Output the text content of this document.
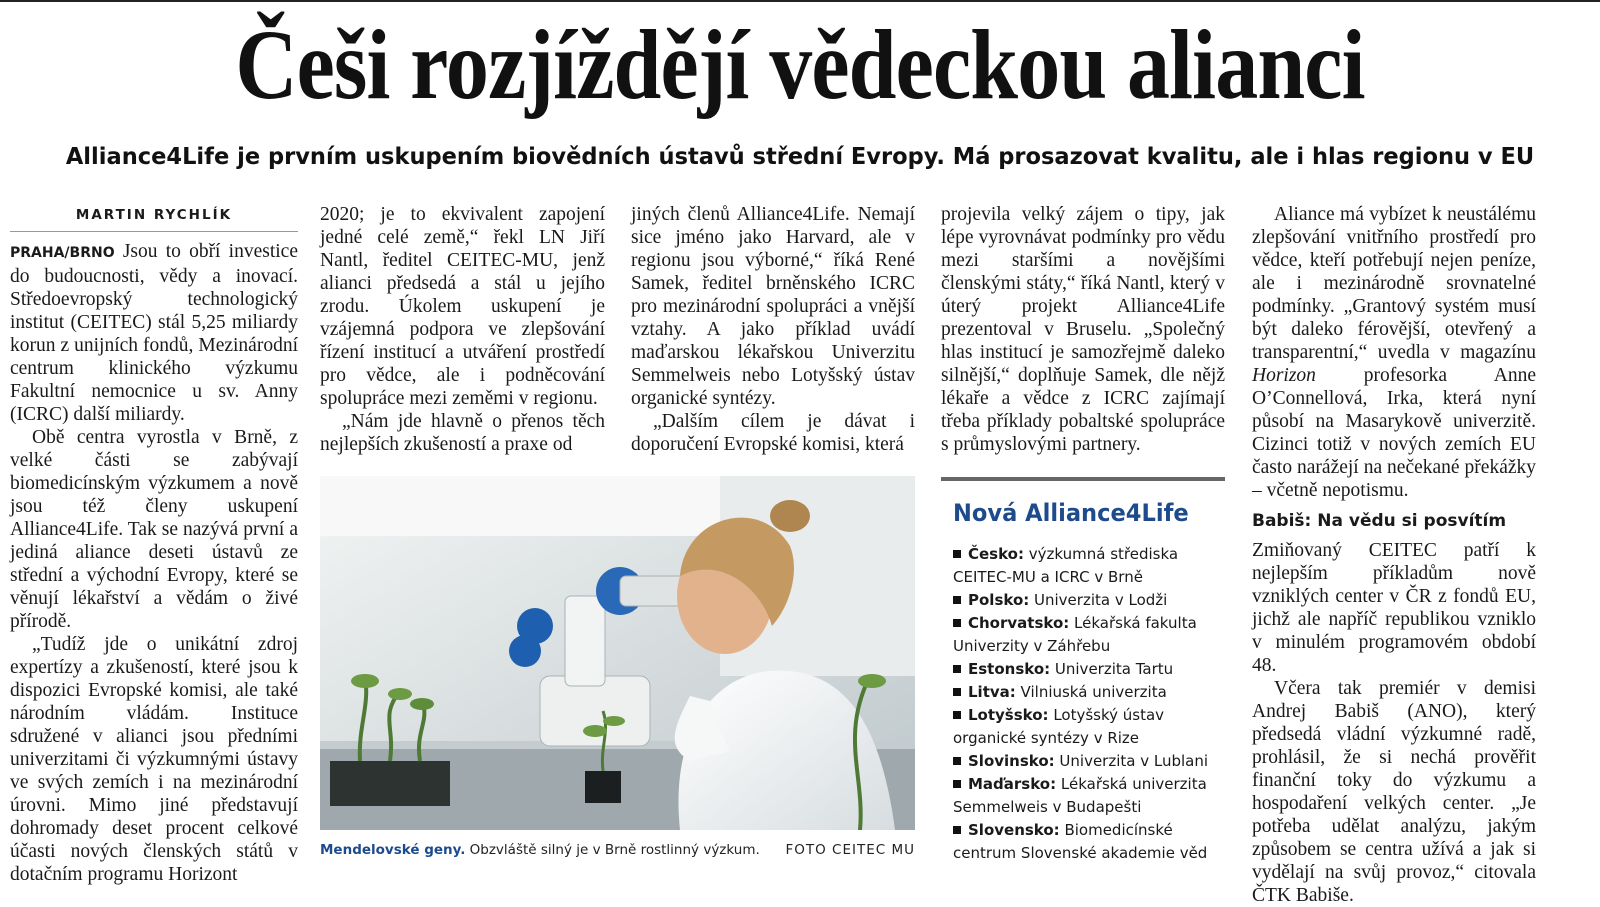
Češi rozjíždějí vědeckou alianci
Alliance4Life je prvním uskupením biovědních ústavů střední Evropy. Má prosazovat kvalitu, ale i hlas regionu v EU
MARTIN RYCHLÍK

PRAHA/BRNO Jsou to obří investice do budoucnosti, vědy a inovací. Středoevropský technologický institut (CEITEC) stál 5,25 miliardy korun z unijních fondů, Mezinárodní centrum klinického výzkumu Fakultní nemocnice u sv. Anny (ICRC) další miliardy.

Obě centra vyrostla v Brně, z velké části se zabývají biomedicínským výzkumem a nově jsou též členy uskupení Alliance4Life. Tak se nazývá první a jediná aliance deseti ústavů ze střední a východní Evropy, které se věnují lékařství a vědám o živé přírodě.

„Tudíž jde o unikátní zdroj expertízy a zkušeností, které jsou k dispozici Evropské komisi, ale také národním vládám. Instituce sdružené v alianci jsou předními univerzitami či výzkumnými ústavy ve svých zemích i na mezinárodní úrovni. Mimo jiné představují dohromady deset procent celkové účasti nových členských států v dotačním programu Horizont

2020; je to ekvivalent zapojení jedné celé země,“ řekl LN Jiří Nantl, ředitel CEITEC-MU, jenž alianci předsedá a stál u jejího zrodu. Úkolem uskupení je vzájemná podpora ve zlepšování řízení institucí a utváření prostředí pro vědce, ale i podněcování spolupráce mezi zeměmi v regionu.

„Nám jde hlavně o přenos těch nejlepších zkušeností a praxe od

jiných členů Alliance4Life. Nemají sice jméno jako Harvard, ale v regionu jsou výborné,“ říká René Samek, ředitel brněnského ICRC pro mezinárodní spolupráci a vnější vztahy. A jako příklad uvádí maďarskou lékařskou Univerzitu Semmelweis nebo Lotyšský ústav organické syntézy.

„Dalším cílem je dávat i doporučení Evropské komisi, která

projevila velký zájem o tipy, jak lépe vyrovnávat podmínky pro vědu mezi staršími a novějšími členskými státy,“ říká Nantl, který v úterý projekt Alliance4Life prezentoval v Bruselu. „Společný hlas institucí je samozřejmě daleko silnější,“ doplňuje Samek, dle nějž lékaře a vědce z ICRC zajímají třeba příklady pobaltské spolupráce s průmyslovými partnery.

Aliance má vybízet k neustálému zlepšování vnitřního prostředí pro vědce, kteří potřebují nejen peníze, ale i mezinárodně srovnatelné podmínky. „Grantový systém musí být daleko férovější, otevřený a transparentní,“ uvedla v magazínu Horizon profesorka Anne O’Connellová, Irka, která nyní působí na Masarykově univerzitě. Cizinci totiž v nových zemích EU často narážejí na nečekané překážky – včetně nepotismu.

Babiš: Na vědu si posvítím

Zmiňovaný CEITEC patří k nejlepším příkladům nově vzniklých center v ČR z fondů EU, jichž ale napříč republikou vzniklo v minulém programovém období 48.

Včera tak premiér v demisi Andrej Babiš (ANO), který předsedá vládní výzkumné radě, prohlásil, že si nechá prověřit finanční toky do výzkumu a hospodaření velkých center. „Je potřeba udělat analýzu, jakým způsobem se centra užívá a jak si vydělají na svůj provoz,“ citovala ČTK Babiše.

Mendelovské geny. Obzvláště silný je v Brně rostlinný výzkum. FOTO CEITEC MU
Nová Alliance4Life
Česko: výzkumná střediska CEITEC-MU a ICRC v Brně
Polsko: Univerzita v Lodži
Chorvatsko: Lékařská fakulta Univerzity v Záhřebu
Estonsko: Univerzita Tartu
Litva: Vilniuská univerzita
Lotyšsko: Lotyšský ústav organické syntézy v Rize
Slovinsko: Univerzita v Lublani
Maďarsko: Lékařská univerzita Semmelweis v Budapešti
Slovensko: Biomedicínské centrum Slovenské akademie věd
